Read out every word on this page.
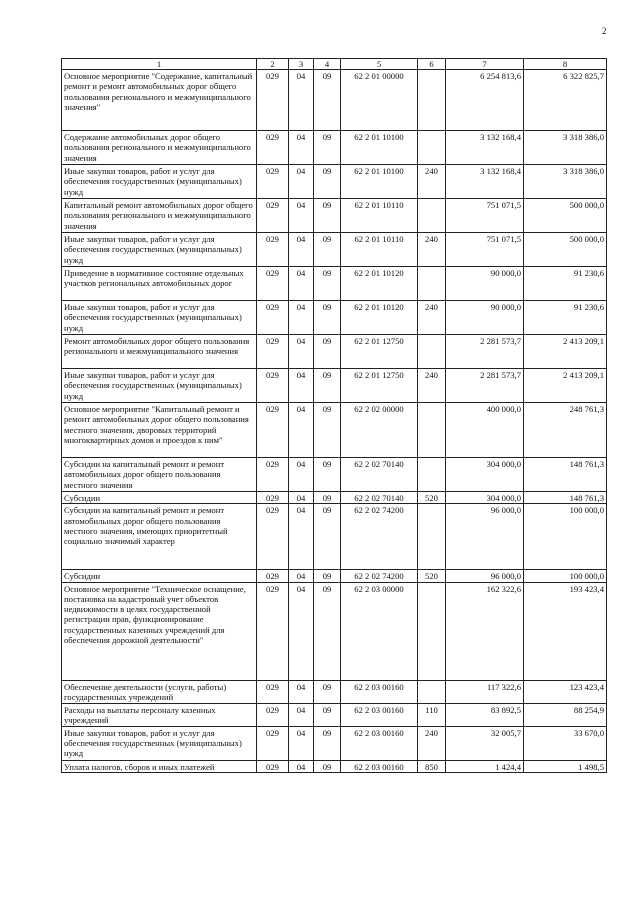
2
1	2	3	4	5	6	7	8
Основное мероприятие "Содержание, капитальный ремонт и ремонт автомобильных дорог общего пользования регионального и межмуниципального значения"	029	04	09	62 2 01 00000		6 254 813,6	6 322 825,7
Содержание автомобильных дорог общего пользования регионального и межмуниципального значения	029	04	09	62 2 01 10100		3 132 168,4	3 318 386,0
Иные закупки товаров, работ и услуг для обеспечения государственных (муниципальных) нужд	029	04	09	62 2 01 10100	240	3 132 168,4	3 318 386,0
Капитальный ремонт автомобильных дорог общего пользования регионального и межмуниципального значения	029	04	09	62 2 01 10110		751 071,5	500 000,0
Иные закупки товаров, работ и услуг для обеспечения государственных (муниципальных) нужд	029	04	09	62 2 01 10110	240	751 071,5	500 000,0
Приведение в нормативное состояние отдельных участков региональных автомобильных дорог	029	04	09	62 2 01 10120		90 000,0	91 230,6
Иные закупки товаров, работ и услуг для обеспечения государственных (муниципальных) нужд	029	04	09	62 2 01 10120	240	90 000,0	91 230,6
Ремонт автомобильных дорог общего пользования регионального и межмуниципального значения	029	04	09	62 2 01 12750		2 281 573,7	2 413 209,1
Иные закупки товаров, работ и услуг для обеспечения государственных (муниципальных) нужд	029	04	09	62 2 01 12750	240	2 281 573,7	2 413 209,1
Основное мероприятие "Капитальный ремонт и ремонт автомобильных дорог общего пользования местного значения, дворовых территорий многоквартирных домов и проездов к ним"	029	04	09	62 2 02 00000		400 000,0	248 761,3
Субсидии на капитальный ремонт и ремонт автомобильных дорог общего пользования местного значения	029	04	09	62 2 02 70140		304 000,0	148 761,3
Субсидии	029	04	09	62 2 02 70140	520	304 000,0	148 761,3
Субсидии на капитальный ремонт и ремонт автомобильных дорог общего пользования местного значения, имеющих приоритетный социально значимый характер	029	04	09	62 2 02 74200		96 000,0	100 000,0
Субсидии	029	04	09	62 2 02 74200	520	96 000,0	100 000,0
Основное мероприятие "Техническое оснащение, постановка на кадастровый учет объектов недвижимости в целях государственной регистрации прав, функционирование государственных казенных учреждений для обеспечения дорожной деятельности"	029	04	09	62 2 03 00000		162 322,6	193 423,4
Обеспечение деятельности (услуги, работы) государственных учреждений	029	04	09	62 2 03 00160		117 322,6	123 423,4
Расходы на выплаты персоналу казенных учреждений	029	04	09	62 2 03 00160	110	83 892,5	88 254,9
Иные закупки товаров, работ и услуг для обеспечения государственных (муниципальных) нужд	029	04	09	62 2 03 00160	240	32 005,7	33 670,0
Уплата налогов, сборов и иных платежей	029	04	09	62 2 03 00160	850	1 424,4	1 498,5
